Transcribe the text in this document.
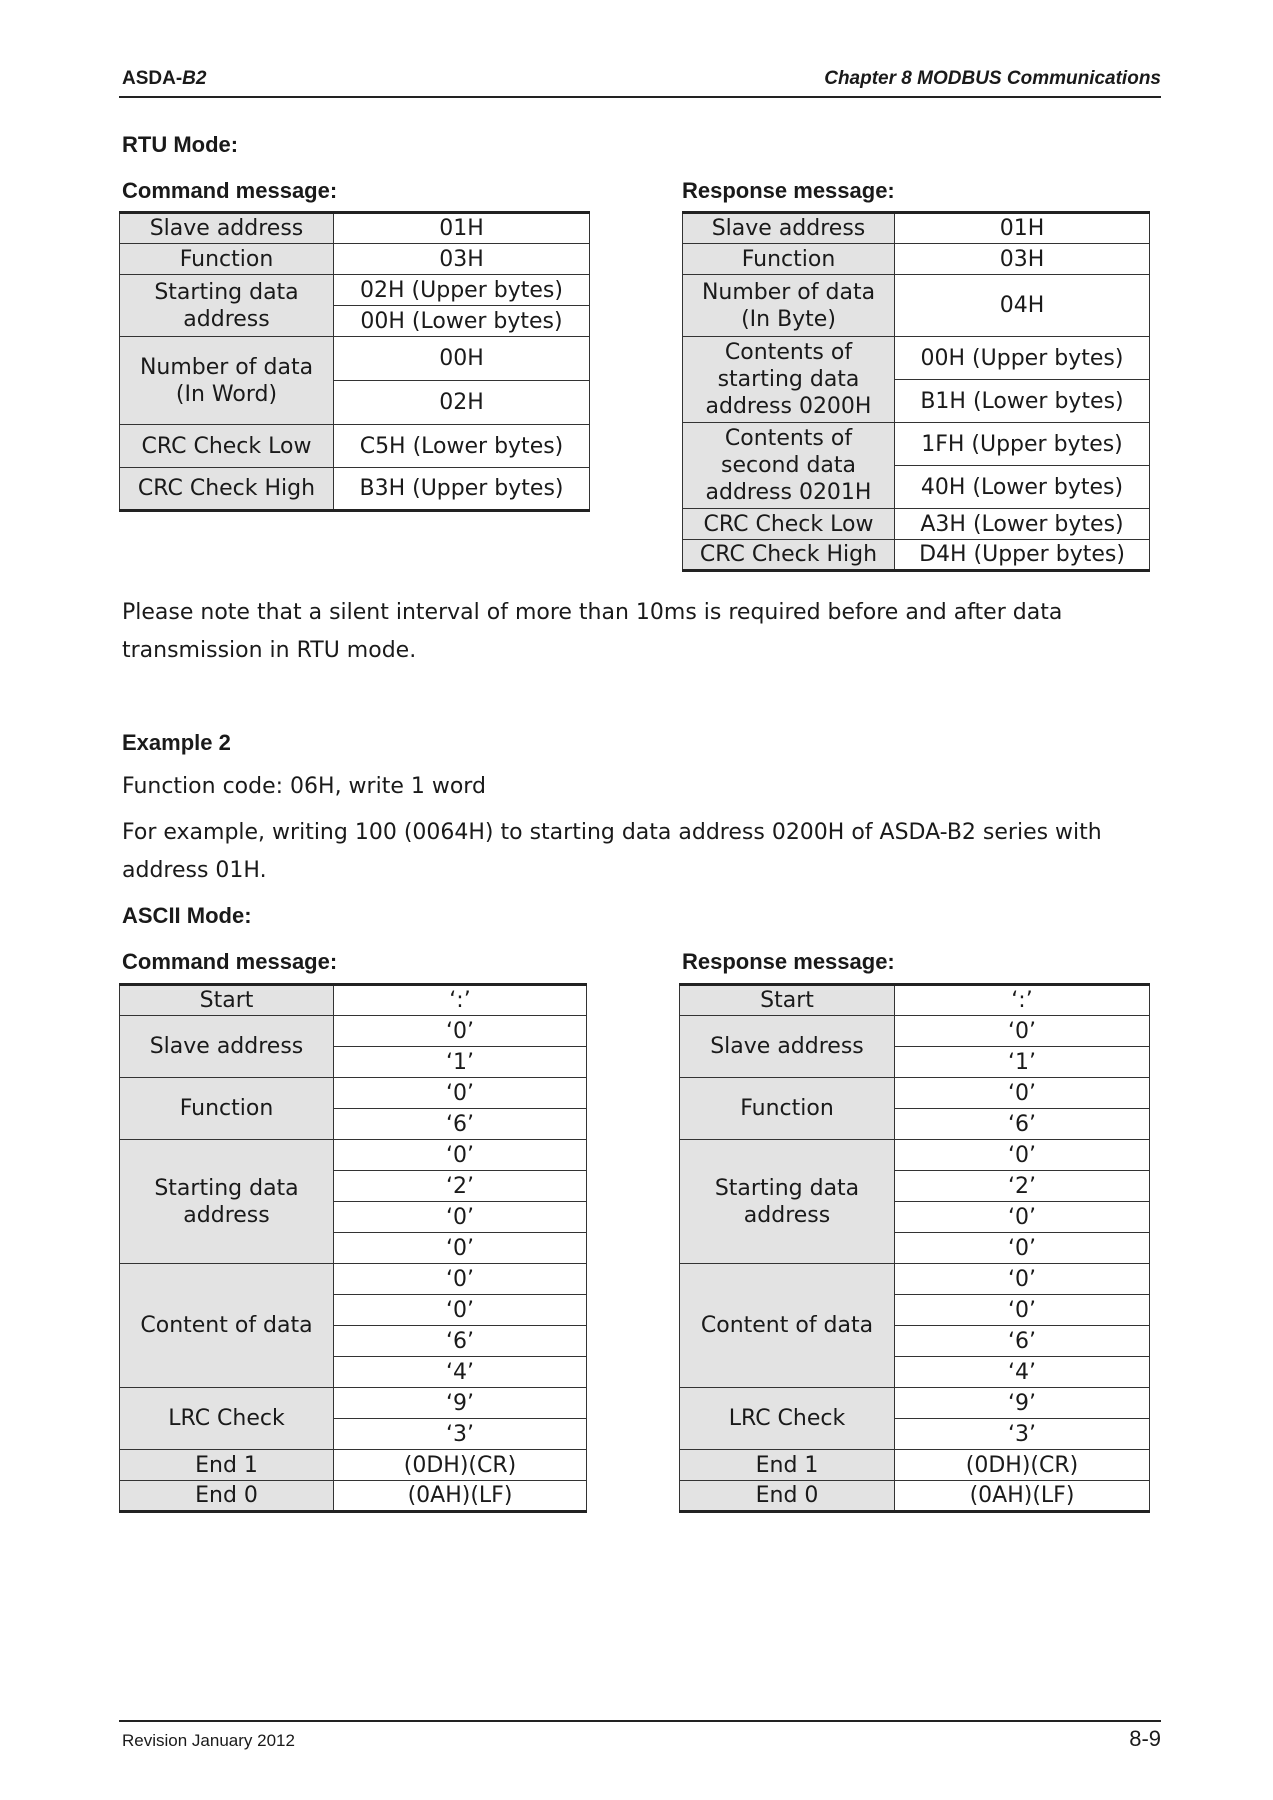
ASDA-B2	Chapter 8 MODBUS Communications
RTU Mode:
Command message:	Response message:
Slave address	01H
Function	03H
Starting data address	02H (Upper bytes)
	00H (Lower bytes)
Number of data (In Word)	00H
	02H
CRC Check Low	C5H (Lower bytes)
CRC Check High	B3H (Upper bytes)
Slave address	01H
Function	03H
Number of data (In Byte)	04H
Contents of starting data address 0200H	00H (Upper bytes)
	B1H (Lower bytes)
Contents of second data address 0201H	1FH (Upper bytes)
	40H (Lower bytes)
CRC Check Low	A3H (Lower bytes)
CRC Check High	D4H (Upper bytes)
Please note that a silent interval of more than 10ms is required before and after data transmission in RTU mode.
Example 2
Function code: 06H, write 1 word
For example, writing 100 (0064H) to starting data address 0200H of ASDA-B2 series with address 01H.
ASCII Mode:
Command message:	Response message:
Start	‘:’
Slave address	‘0’
	‘1’
Function	‘0’
	‘6’
Starting data address	‘0’
	‘2’
	‘0’
	‘0’
Content of data	‘0’
	‘0’
	‘6’
	‘4’
LRC Check	‘9’
	‘3’
End 1	(0DH)(CR)
End 0	(0AH)(LF)
Start	‘:’
Slave address	‘0’
	‘1’
Function	‘0’
	‘6’
Starting data address	‘0’
	‘2’
	‘0’
	‘0’
Content of data	‘0’
	‘0’
	‘6’
	‘4’
LRC Check	‘9’
	‘3’
End 1	(0DH)(CR)
End 0	(0AH)(LF)
Revision January 2012	8-9
